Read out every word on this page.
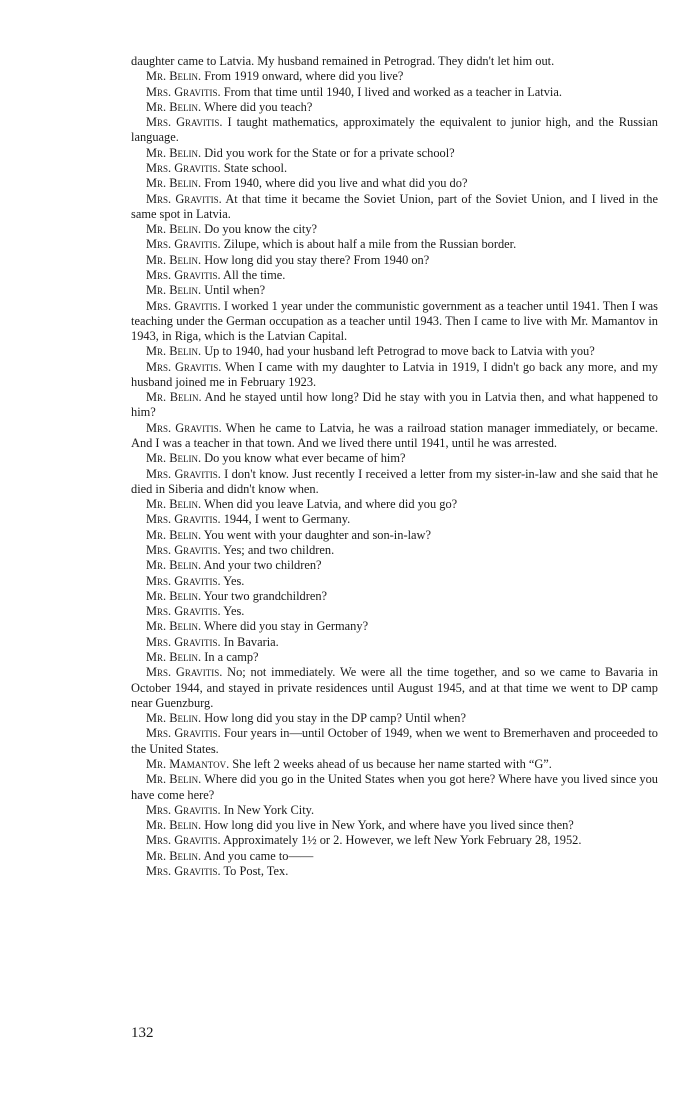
daughter came to Latvia. My husband remained in Petrograd. They didn't let him out.

Mr. Belin. From 1919 onward, where did you live?

Mrs. Gravitis. From that time until 1940, I lived and worked as a teacher in Latvia.

Mr. Belin. Where did you teach?

Mrs. Gravitis. I taught mathematics, approximately the equivalent to junior high, and the Russian language.

Mr. Belin. Did you work for the State or for a private school?

Mrs. Gravitis. State school.

Mr. Belin. From 1940, where did you live and what did you do?

Mrs. Gravitis. At that time it became the Soviet Union, part of the Soviet Union, and I lived in the same spot in Latvia.

Mr. Belin. Do you know the city?

Mrs. Gravitis. Zilupe, which is about half a mile from the Russian border.

Mr. Belin. How long did you stay there? From 1940 on?

Mrs. Gravitis. All the time.

Mr. Belin. Until when?

Mrs. Gravitis. I worked 1 year under the communistic government as a teacher until 1941. Then I was teaching under the German occupation as a teacher until 1943. Then I came to live with Mr. Mamantov in 1943, in Riga, which is the Latvian Capital.

Mr. Belin. Up to 1940, had your husband left Petrograd to move back to Latvia with you?

Mrs. Gravitis. When I came with my daughter to Latvia in 1919, I didn't go back any more, and my husband joined me in February 1923.

Mr. Belin. And he stayed until how long? Did he stay with you in Latvia then, and what happened to him?

Mrs. Gravitis. When he came to Latvia, he was a railroad station manager immediately, or became. And I was a teacher in that town. And we lived there until 1941, until he was arrested.

Mr. Belin. Do you know what ever became of him?

Mrs. Gravitis. I don't know. Just recently I received a letter from my sister-in-law and she said that he died in Siberia and didn't know when.

Mr. Belin. When did you leave Latvia, and where did you go?

Mrs. Gravitis. 1944, I went to Germany.

Mr. Belin. You went with your daughter and son-in-law?

Mrs. Gravitis. Yes; and two children.

Mr. Belin. And your two children?

Mrs. Gravitis. Yes.

Mr. Belin. Your two grandchildren?

Mrs. Gravitis. Yes.

Mr. Belin. Where did you stay in Germany?

Mrs. Gravitis. In Bavaria.

Mr. Belin. In a camp?

Mrs. Gravitis. No; not immediately. We were all the time together, and so we came to Bavaria in October 1944, and stayed in private residences until August 1945, and at that time we went to DP camp near Guenzburg.

Mr. Belin. How long did you stay in the DP camp? Until when?

Mrs. Gravitis. Four years in—until October of 1949, when we went to Bremerhaven and proceeded to the United States.

Mr. Mamantov. She left 2 weeks ahead of us because her name started with “G”.

Mr. Belin. Where did you go in the United States when you got here? Where have you lived since you have come here?

Mrs. Gravitis. In New York City.

Mr. Belin. How long did you live in New York, and where have you lived since then?

Mrs. Gravitis. Approximately 1½ or 2. However, we left New York February 28, 1952.

Mr. Belin. And you came to——

Mrs. Gravitis. To Post, Tex.

132
